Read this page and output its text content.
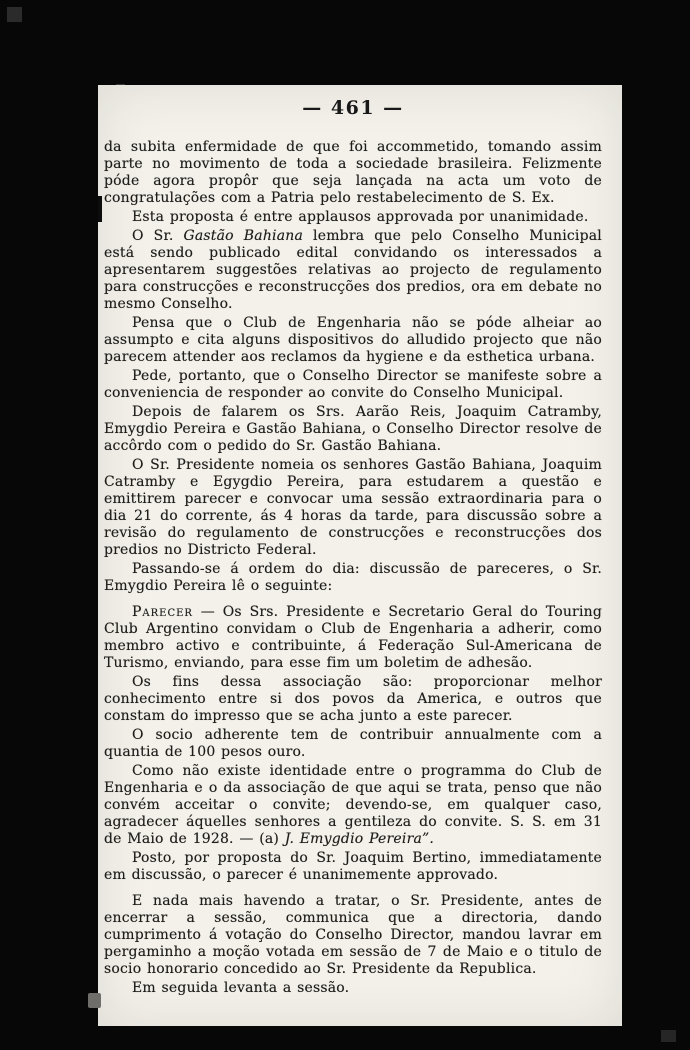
— 461 —

da subita enfermidade de que foi accommetido, tomando assim parte no movimento de toda a sociedade brasileira. Felizmente póde agora propôr que seja lançada na acta um voto de congratulações com a Patria pelo restabelecimento de S. Ex.

Esta proposta é entre applausos approvada por unanimidade.

O Sr. Gastão Bahiana lembra que pelo Conselho Municipal está sendo publicado edital convidando os interessados a apresentarem suggestões relativas ao projecto de regulamento para construcções e reconstrucções dos predios, ora em debate no mesmo Conselho.

Pensa que o Club de Engenharia não se póde alheiar ao assumpto e cita alguns dispositivos do alludido projecto que não parecem attender aos reclamos da hygiene e da esthetica urbana.

Pede, portanto, que o Conselho Director se manifeste sobre a conveniencia de responder ao convite do Conselho Municipal.

Depois de falarem os Srs. Aarão Reis, Joaquim Catramby, Emygdio Pereira e Gastão Bahiana, o Conselho Director resolve de accôrdo com o pedido do Sr. Gastão Bahiana.

O Sr. Presidente nomeia os senhores Gastão Bahiana, Joaquim Catramby e Egygdio Pereira, para estudarem a questão e emittirem parecer e convocar uma sessão extraordinaria para o dia 21 do corrente, ás 4 horas da tarde, para discussão sobre a revisão do regulamento de construcções e reconstrucções dos predios no Districto Federal.

Passando-se á ordem do dia: discussão de pareceres, o Sr. Emygdio Pereira lê o seguinte:

Parecer — Os Srs. Presidente e Secretario Geral do Touring Club Argentino convidam o Club de Engenharia a adherir, como membro activo e contribuinte, á Federação Sul-Americana de Turismo, enviando, para esse fim um boletim de adhesão.

Os fins dessa associação são: proporcionar melhor conhecimento entre si dos povos da America, e outros que constam do impresso que se acha junto a este parecer.

O socio adherente tem de contribuir annualmente com a quantia de 100 pesos ouro.

Como não existe identidade entre o programma do Club de Engenharia e o da associação de que aqui se trata, penso que não convém acceitar o convite; devendo-se, em qualquer caso, agradecer áquelles senhores a gentileza do convite. S. S. em 31 de Maio de 1928. — (a) J. Emygdio Pereira”.

Posto, por proposta do Sr. Joaquim Bertino, immediatamente em discussão, o parecer é unanimemente approvado.

E nada mais havendo a tratar, o Sr. Presidente, antes de encerrar a sessão, communica que a directoria, dando cumprimento á votação do Conselho Director, mandou lavrar em pergaminho a moção votada em sessão de 7 de Maio e o titulo de socio honorario concedido ao Sr. Presidente da Republica.

Em seguida levanta a sessão.
